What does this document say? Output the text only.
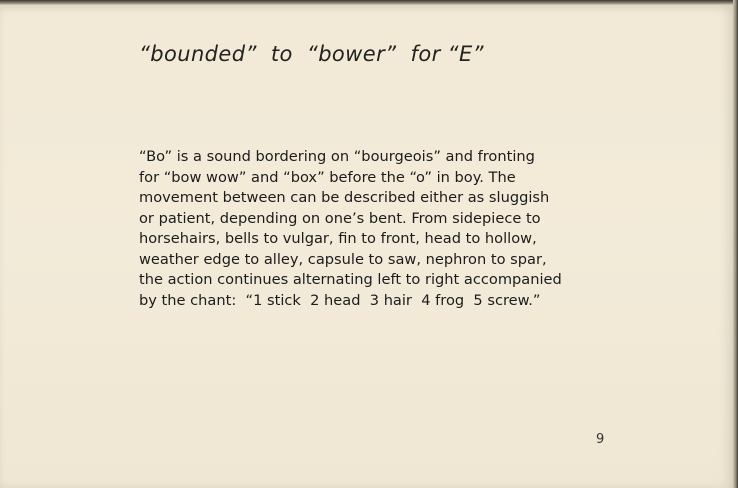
“bounded”  to  “bower”  for “E”

“Bo” is a sound bordering on “bourgeois” and fronting
for “bow wow” and “box” before the “o” in boy. The
movement between can be described either as sluggish
or patient, depending on one’s bent. From sidepiece to
horsehairs, bells to vulgar, fin to front, head to hollow,
weather edge to alley, capsule to saw, nephron to spar,
the action continues alternating left to right accompanied
by the chant:  “1 stick  2 head  3 hair  4 frog  5 screw.”

9
